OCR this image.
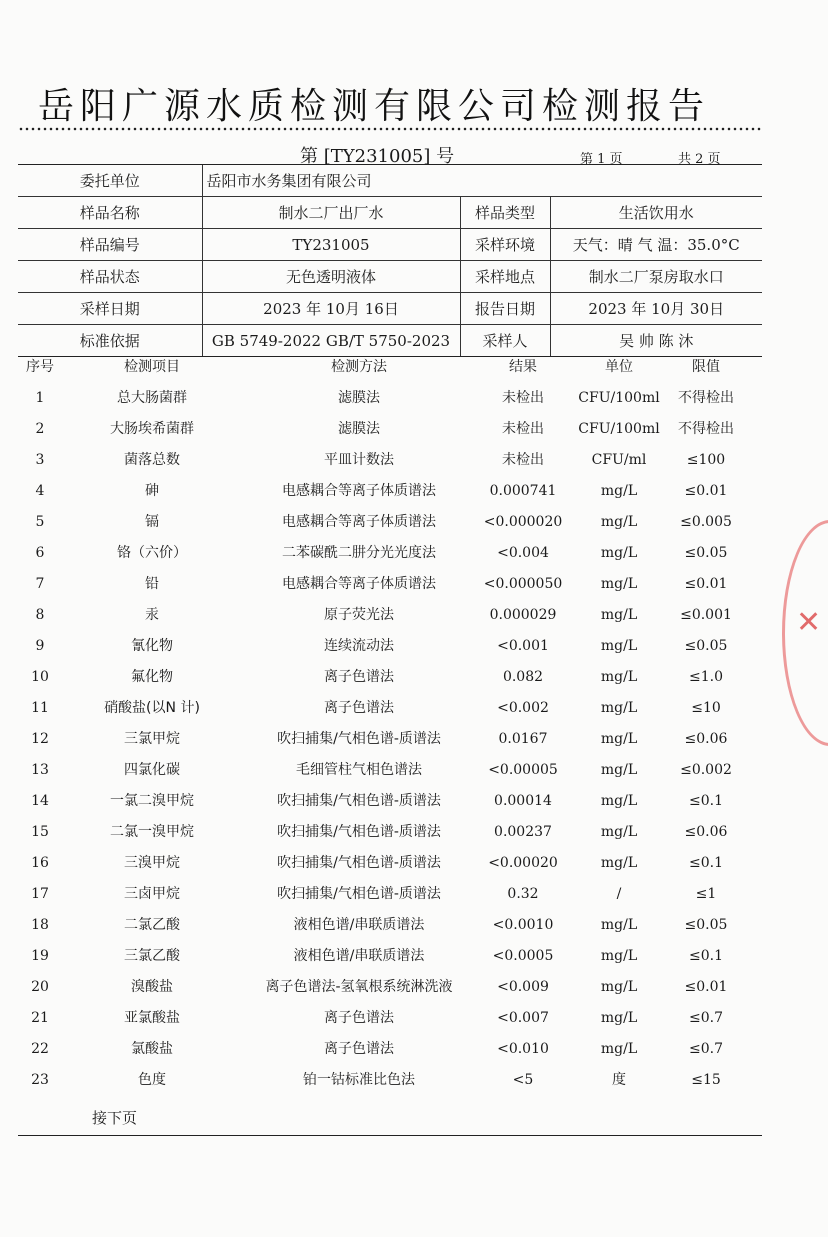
岳阳广源水质检测有限公司检测报告
第 [TY231005] 号	第 1 页	共 2 页
委托单位	岳阳市水务集团有限公司		
样品名称	制水二厂出厂水	样品类型	生活饮用水
样品编号	TY231005	采样环境	天气：晴 气 温：35.0°C
样品状态	无色透明液体	采样地点	制水二厂泵房取水口
采样日期	2023 年 10月 16日	报告日期	2023 年 10月 30日
标准依据	GB 5749-2022 GB/T 5750-2023	采样人	吴 帅 陈 沐
序号	检测项目	检测方法	结果	单位	限值
1	总大肠菌群	滤膜法	未检出	CFU/100ml	不得检出
2	大肠埃希菌群	滤膜法	未检出	CFU/100ml	不得检出
3	菌落总数	平皿计数法	未检出	CFU/ml	≤100
4	砷	电感耦合等离子体质谱法	0.000741	mg/L	≤0.01
5	镉	电感耦合等离子体质谱法	<0.000020	mg/L	≤0.005
6	铬（六价）	二苯碳酰二肼分光光度法	<0.004	mg/L	≤0.05
7	铅	电感耦合等离子体质谱法	<0.000050	mg/L	≤0.01
8	汞	原子荧光法	0.000029	mg/L	≤0.001
9	氰化物	连续流动法	<0.001	mg/L	≤0.05
10	氟化物	离子色谱法	0.082	mg/L	≤1.0
11	硝酸盐(以N 计)	离子色谱法	<0.002	mg/L	≤10
12	三氯甲烷	吹扫捕集/气相色谱-质谱法	0.0167	mg/L	≤0.06
13	四氯化碳	毛细管柱气相色谱法	<0.00005	mg/L	≤0.002
14	一氯二溴甲烷	吹扫捕集/气相色谱-质谱法	0.00014	mg/L	≤0.1
15	二氯一溴甲烷	吹扫捕集/气相色谱-质谱法	0.00237	mg/L	≤0.06
16	三溴甲烷	吹扫捕集/气相色谱-质谱法	<0.00020	mg/L	≤0.1
17	三卤甲烷	吹扫捕集/气相色谱-质谱法	0.32	/	≤1
18	二氯乙酸	液相色谱/串联质谱法	<0.0010	mg/L	≤0.05
19	三氯乙酸	液相色谱/串联质谱法	<0.0005	mg/L	≤0.1
20	溴酸盐	离子色谱法-氢氧根系统淋洗液	<0.009	mg/L	≤0.01
21	亚氯酸盐	离子色谱法	<0.007	mg/L	≤0.7
22	氯酸盐	离子色谱法	<0.010	mg/L	≤0.7
23	色度	铂一钴标准比色法	<5	度	≤15
接下页
✕
